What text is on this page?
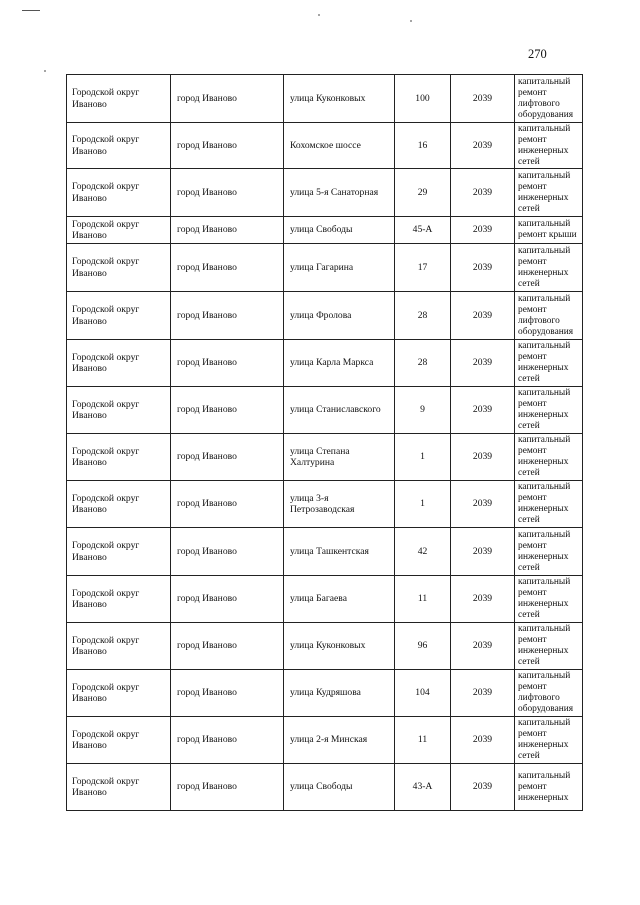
270
Городской округ Иваново	город Иваново	улица Куконковых	100	2039	капитальный ремонт лифтового оборудования

Городской округ Иваново	город Иваново	Кохомское шоссе	16	2039	капитальный ремонт инженерных сетей

Городской округ Иваново	город Иваново	улица 5-я Санаторная	29	2039	капитальный ремонт инженерных сетей

Городской округ Иваново	город Иваново	улица Свободы	45-А	2039	капитальный ремонт крыши

Городской округ Иваново	город Иваново	улица Гагарина	17	2039	капитальный ремонт инженерных сетей

Городской округ Иваново	город Иваново	улица Фролова	28	2039	капитальный ремонт лифтового оборудования

Городской округ Иваново	город Иваново	улица Карла Маркса	28	2039	капитальный ремонт инженерных сетей

Городской округ Иваново	город Иваново	улица Станиславского	9	2039	капитальный ремонт инженерных сетей

Городской округ Иваново	город Иваново	улица Степана Халтурина	1	2039	капитальный ремонт инженерных сетей

Городской округ Иваново	город Иваново	улица 3-я Петрозаводская	1	2039	капитальный ремонт инженерных сетей

Городской округ Иваново	город Иваново	улица Ташкентская	42	2039	капитальный ремонт инженерных сетей

Городской округ Иваново	город Иваново	улица Багаева	11	2039	капитальный ремонт инженерных сетей

Городской округ Иваново	город Иваново	улица Куконковых	96	2039	капитальный ремонт инженерных сетей

Городской округ Иваново	город Иваново	улица Кудряшова	104	2039	капитальный ремонт лифтового оборудования

Городской округ Иваново	город Иваново	улица 2-я Минская	11	2039	капитальный ремонт инженерных сетей

Городской округ Иваново	город Иваново	улица Свободы	43-А	2039	капитальный ремонт инженерных
